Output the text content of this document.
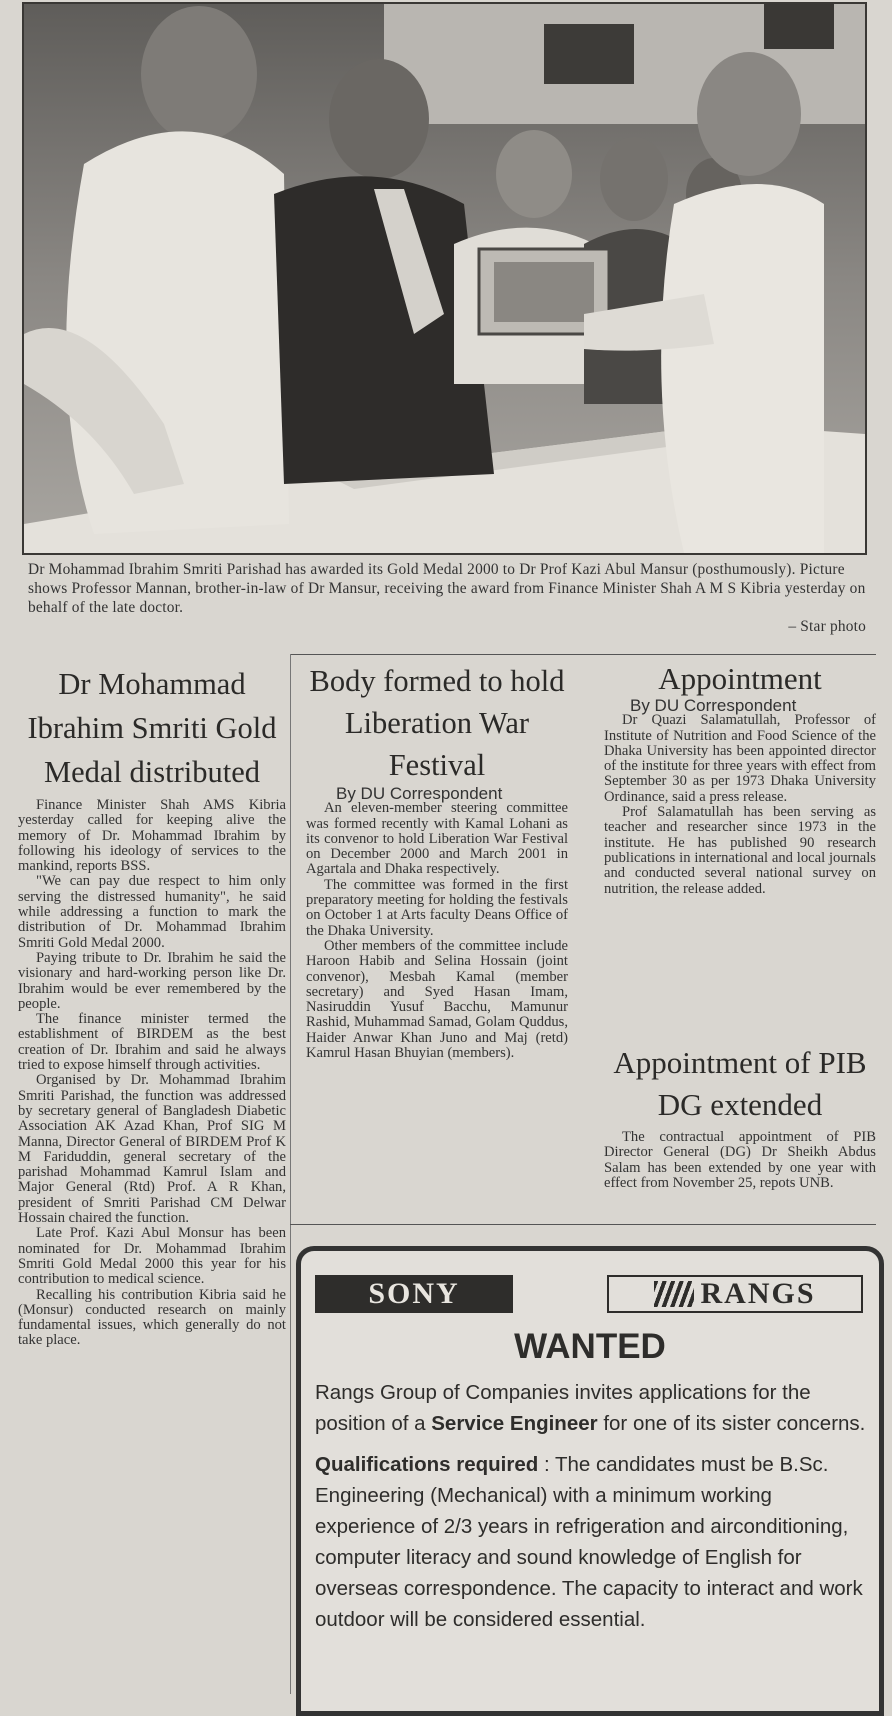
Dr Mohammad Ibrahim Smriti Parishad has awarded its Gold Medal 2000 to Dr Prof Kazi Abul Mansur (posthumously). Picture shows Professor Mannan, brother-in-law of Dr Mansur, receiving the award from Finance Minister Shah A M S Kibria yesterday on behalf of the late doctor.
– Star photo
Dr Mohammad Ibrahim Smriti Gold Medal distributed

Finance Minister Shah AMS Kibria yesterday called for keeping alive the memory of Dr. Mohammad Ibrahim by following his ideology of services to the mankind, reports BSS.

"We can pay due respect to him only serving the distressed humanity", he said while addressing a function to mark the distribution of Dr. Mohammad Ibrahim Smriti Gold Medal 2000.

Paying tribute to Dr. Ibrahim he said the visionary and hard-working person like Dr. Ibrahim would be ever remembered by the people.

The finance minister termed the establishment of BIRDEM as the best creation of Dr. Ibrahim and said he always tried to expose himself through activities.

Organised by Dr. Mohammad Ibrahim Smriti Parishad, the function was addressed by secretary general of Bangladesh Diabetic Association AK Azad Khan, Prof SIG M Manna, Director General of BIRDEM Prof K M Fariduddin, general secretary of the parishad Mohammad Kamrul Islam and Major General (Rtd) Prof. A R Khan, president of Smriti Parishad CM Delwar Hossain chaired the function.

Late Prof. Kazi Abul Monsur has been nominated for Dr. Mohammad Ibrahim Smriti Gold Medal 2000 this year for his contribution to medical science.

Recalling his contribution Kibria said he (Monsur) conducted research on mainly fundamental issues, which generally do not take place.

Body formed to hold Liberation War Festival

By DU Correspondent

An eleven-member steering committee was formed recently with Kamal Lohani as its convenor to hold Liberation War Festival on December 2000 and March 2001 in Agartala and Dhaka respectively.

The committee was formed in the first preparatory meeting for holding the festivals on October 1 at Arts faculty Deans Office of the Dhaka University.

Other members of the committee include Haroon Habib and Selina Hossain (joint convenor), Mesbah Kamal (member secretary) and Syed Hasan Imam, Nasiruddin Yusuf Bacchu, Mamunur Rashid, Muhammad Samad, Golam Quddus, Haider Anwar Khan Juno and Maj (retd) Kamrul Hasan Bhuyian (members).

Appointment

By DU Correspondent

Dr Quazi Salamatullah, Professor of Institute of Nutrition and Food Science of the Dhaka University has been appointed director of the institute for three years with effect from September 30 as per 1973 Dhaka University Ordinance, said a press release.

Prof Salamatullah has been serving as teacher and researcher since 1973 in the institute. He has published 90 research publications in international and local journals and conducted several national survey on nutrition, the release added.

Appointment of PIB DG extended

The contractual appointment of PIB Director General (DG) Dr Sheikh Abdus Salam has been extended by one year with effect from November 25, repots UNB.

SONY	RANGS
WANTED

Rangs Group of Companies invites applications for the position of a Service Engineer for one of its sister concerns.

Qualifications required : The candidates must be B.Sc. Engineering (Mechanical) with a minimum working experience of 2/3 years in refrigeration and airconditioning, computer literacy and sound knowledge of English for overseas correspondence. The capacity to interact and work outdoor will be considered essential.
